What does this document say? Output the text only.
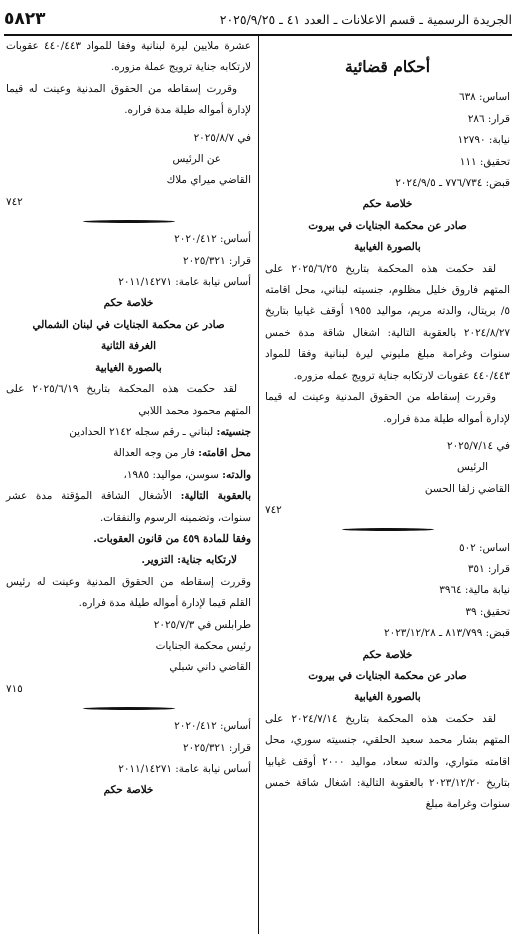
الجريدة الرسمية ـ قسم الاعلانات ـ العدد ٤١ ـ ٢٠٢٥/٩/٢٥
٥٨٢٣
أحكام قضائية

اساس: ٦٣٨

قرار: ٢٨٦

نيابة: ١٢٧٩٠

تحقيق: ١١١

قبض: ٧٧٦/٧٣٤ ـ ٢٠٢٤/٩/٥

خلاصة حكم

صادر عن محكمة الجنايات في بيروت

بالصورة الغيابية

لقد حكمت هذه المحكمة بتاريخ ٢٠٢٥/٦/٢٥ على المتهم فاروق خليل مظلوم، جنسيته لبناني، محل اقامته ٥/ بريتال، والدته مريم، مواليد ١٩٥٥ أوقف غيابيا بتاريخ ٢٠٢٤/٨/٢٧ بالعقوبة التالية: اشغال شاقة مدة خمس سنوات وغرامة مبلغ مليوني ليرة لبنانية وفقا للمواد ٤٤٠/٤٤٣ عقوبات لارتكابه جناية ترويج عمله مزوره.

وقررت إسقاطه من الحقوق المدنية وعينت له قيما لإدارة أمواله طيلة مدة فراره.

في ٢٠٢٥/٧/١٤

الرئيس

القاضي زلفا الحسن

٧٤٢

اساس: ٥٠٢

قرار: ٣٥١

نيابة مالية: ٣٩٦٤

تحقيق: ٣٩

قبض: ٨١٣/٧٩٩ ـ ٢٠٢٣/١٢/٢٨

خلاصة حكم

صادر عن محكمة الجنايات في بيروت

بالصورة الغيابية

لقد حكمت هذه المحكمة بتاريخ ٢٠٢٤/٧/١٤ على المتهم بشار محمد سعيد الحلقي، جنسيته سوري، محل اقامته متواري، والدته سعاد، مواليد ٢٠٠٠ أوقف غيابيا بتاريخ ٢٠٢٣/١٢/٢٠ بالعقوبة التالية: اشغال شاقة خمس سنوات وغرامة مبلغ

عشرة ملايين ليرة لبنانية وفقا للمواد ٤٤٠/٤٤٣ عقوبات لارتكابه جناية ترويج عملة مزوره.

وقررت إسقاطه من الحقوق المدنية وعينت له قيما لإدارة أمواله طيلة مدة فراره.

في ٢٠٢٥/٨/٧

عن الرئيس

القاضي ميراي ملاك

٧٤٢

أساس: ٢٠٢٠/٤١٢

قرار: ٢٠٢٥/٣٢١

أساس نيابة عامة: ٢٠١١/١٤٢٧١

خلاصة حكم

صادر عن محكمة الجنايات في لبنان الشمالي

الغرفة الثانية

بالصورة الغيابية

لقد حكمت هذه المحكمة بتاريخ ٢٠٢٥/٦/١٩ على المتهم محمود محمد اللابي

جنسيته: لبناني ـ رقم سجله ٢١٤٢ الحدادين

محل اقامته: فار من وجه العدالة

والدته: سوسن، مواليد: ١٩٨٥،

بالعقوبة التالية: الأشغال الشاقة المؤقتة مدة عشر سنوات، وتضمينه الرسوم والنفقات.

وفقا للمادة ٤٥٩ من قانون العقوبات.

لارتكابه جناية: التزوير.

وقررت إسقاطه من الحقوق المدنية وعينت له رئيس القلم قيما لإدارة أمواله طيلة مدة فراره.

طرابلس في ٢٠٢٥/٧/٣

رئيس محكمة الجنايات

القاضي داني شبلي

٧١٥

أساس: ٢٠٢٠/٤١٢

قرار: ٢٠٢٥/٣٢١

أساس نيابة عامة: ٢٠١١/١٤٢٧١

خلاصة حكم
